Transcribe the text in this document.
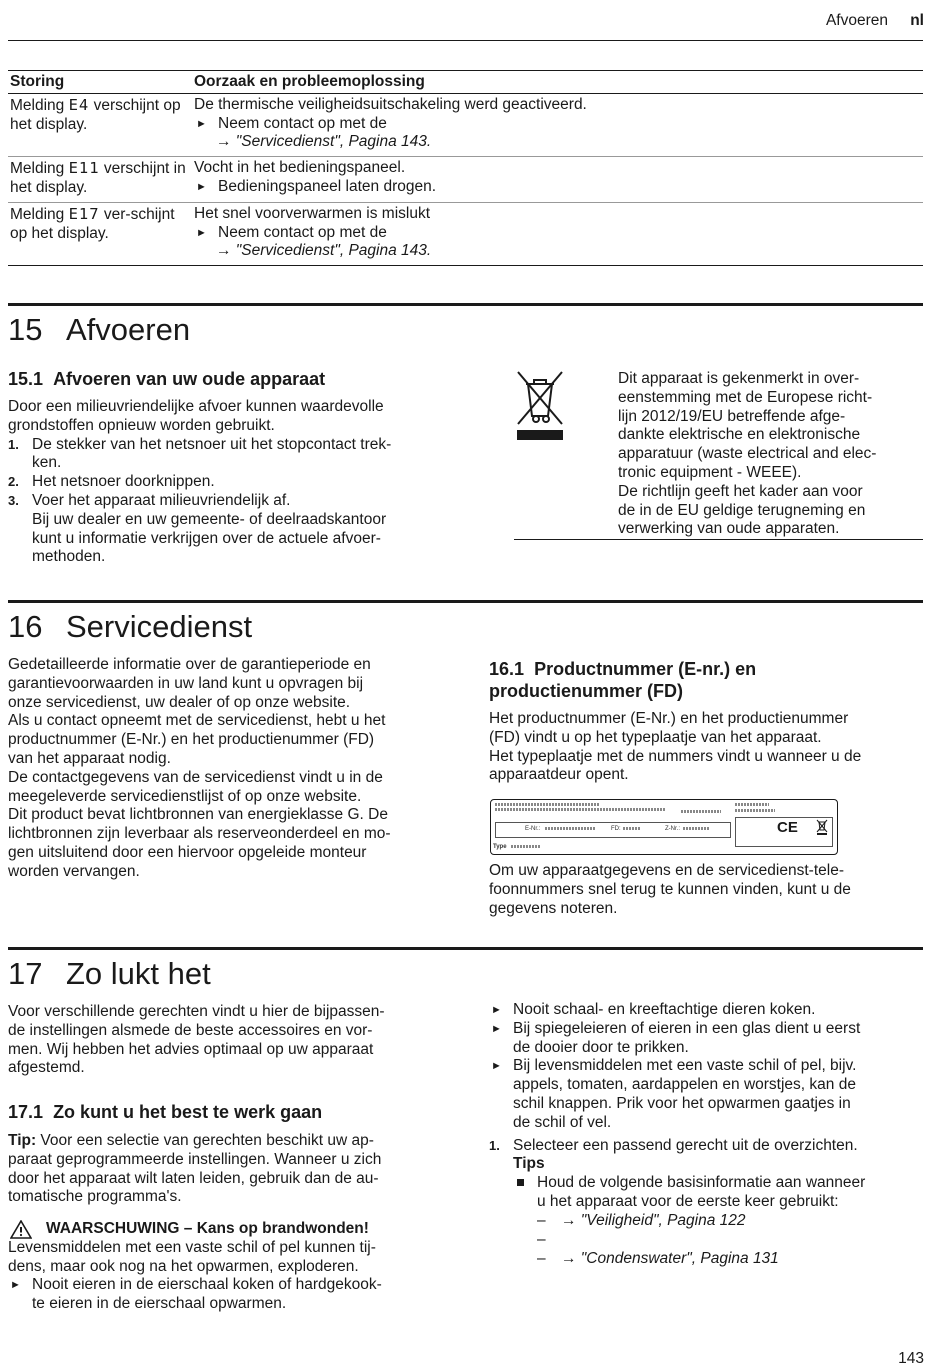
Afvoeren nl
Storing	Oorzaak en probleemoplossing
Melding E4 verschijnt op het display.	De thermische veiligheidsuitschakeling werd geactiveerd.
► Neem contact op met de
→ "Servicedienst", Pagina 143.

Melding E11 verschijnt in het display.	Vocht in het bedieningspaneel.
► Bedieningspaneel laten drogen.

Melding E17 ver-schijnt op het display.	Het snel voorverwarmen is mislukt
► Neem contact op met de
→ "Servicedienst", Pagina 143.
15 Afvoeren
15.1 Afvoeren van uw oude apparaat

Door een milieuvriendelijke afvoer kunnen waardevolle

grondstoffen opnieuw worden gebruikt.

1. De stekker van het netsnoer uit het stopcontact trek-
ken.
2. Het netsnoer doorknippen.
3. Voer het apparaat milieuvriendelijk af.
Bij uw dealer en uw gemeente- of deelraadskantoor
kunt u informatie verkrijgen over de actuele afvoer-
methoden.
Dit apparaat is gekenmerkt in over-
eenstemming met de Europese richt-
lijn 2012/19/EU betreffende afge-
dankte elektrische en elektronische
apparatuur (waste electrical and elec-
tronic equipment - WEEE).
De richtlijn geeft het kader aan voor
de in de EU geldige terugneming en
verwerking van oude apparaten.
16 Servicedienst

Gedetailleerde informatie over de garantieperiode en

garantievoorwaarden in uw land kunt u opvragen bij

onze servicedienst, uw dealer of op onze website.

Als u contact opneemt met de servicedienst, hebt u het

productnummer (E-Nr.) en het productienummer (FD)

van het apparaat nodig.

De contactgegevens van de servicedienst vindt u in de

meegeleverde servicedienstlijst of op onze website.

Dit product bevat lichtbronnen van energieklasse G. De

lichtbronnen zijn leverbaar als reserveonderdeel en mo-

gen uitsluitend door een hiervoor opgeleide monteur

worden vervangen.

16.1 Productnummer (E-nr.) en
productienummer (FD)

Het productnummer (E-Nr.) en het productienummer

(FD) vindt u op het typeplaatje van het apparaat.

Het typeplaatje met de nummers vindt u wanneer u de

apparaatdeur opent.

E-Nr.:	FD:	Z-Nr.:	CE
Type

Om uw apparaatgegevens en de servicedienst-tele-

foonnummers snel terug te kunnen vinden, kunt u de

gegevens noteren.

17 Zo lukt het

Voor verschillende gerechten vindt u hier de bijpassen-

de instellingen alsmede de beste accessoires en vor-

men. Wij hebben het advies optimaal op uw apparaat

afgestemd.

17.1 Zo kunt u het best te werk gaan

Tip: Voor een selectie van gerechten beschikt uw ap-

paraat geprogrammeerde instellingen. Wanneer u zich

door het apparaat wilt laten leiden, gebruik dan de au-

tomatische programma's.

WAARSCHUWING – Kans op brandwonden!

Levensmiddelen met een vaste schil of pel kunnen tij-

dens, maar ook nog na het opwarmen, exploderen.

► Nooit eieren in de eierschaal koken of hardgekook-
te eieren in de eierschaal opwarmen.
► Nooit schaal- en kreeftachtige dieren koken.
► Bij spiegeleieren of eieren in een glas dient u eerst
de dooier door te prikken.
► Bij levensmiddelen met een vaste schil of pel, bijv.
appels, tomaten, aardappelen en worstjes, kan de
schil knappen. Prik voor het opwarmen gaatjes in
de schil of vel.
1. Selecteer een passend gerecht uit de overzichten.
Tips
Houd de volgende basisinformatie aan wanneer
u het apparaat voor de eerste keer gebruikt:
– → "Veiligheid", Pagina 122
–
– → "Condenswater", Pagina 131
143
